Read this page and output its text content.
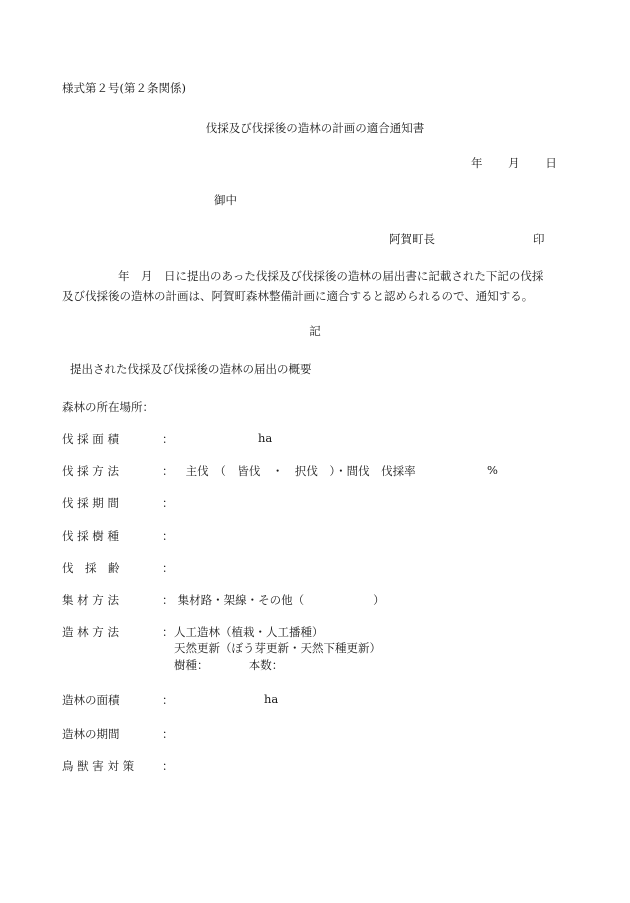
様式第２号(第２条関係)
伐採及び伐採後の造林の計画の適合通知書
年 月 日
御中
阿賀町長	印
年　月　日に提出のあった伐採及び伐採後の造林の届出書に記載された下記の伐採
及び伐採後の造林の計画は、阿賀町森林整備計画に適合すると認められるので、通知する。
記
提出された伐採及び伐採後の造林の届出の概要
森林の所在場所：
伐 採 面 積	：	ha
伐 採 方 法	： 主伐　（　皆伐　・　択伐　）・間伐　伐採率	%
伐 採 期 間	：
伐 採 樹 種	：
伐　採　齢	：
集 材 方 法	： 集材路・架線・その他（　　　　　　）
造 林 方 法	：人工造林（植栽・人工播種）
天然更新（ぼう芽更新・天然下種更新）
樹種：　　　　本数：
造林の面積	：	ha
造林の期間	：
鳥 獣 害 対 策 ：
